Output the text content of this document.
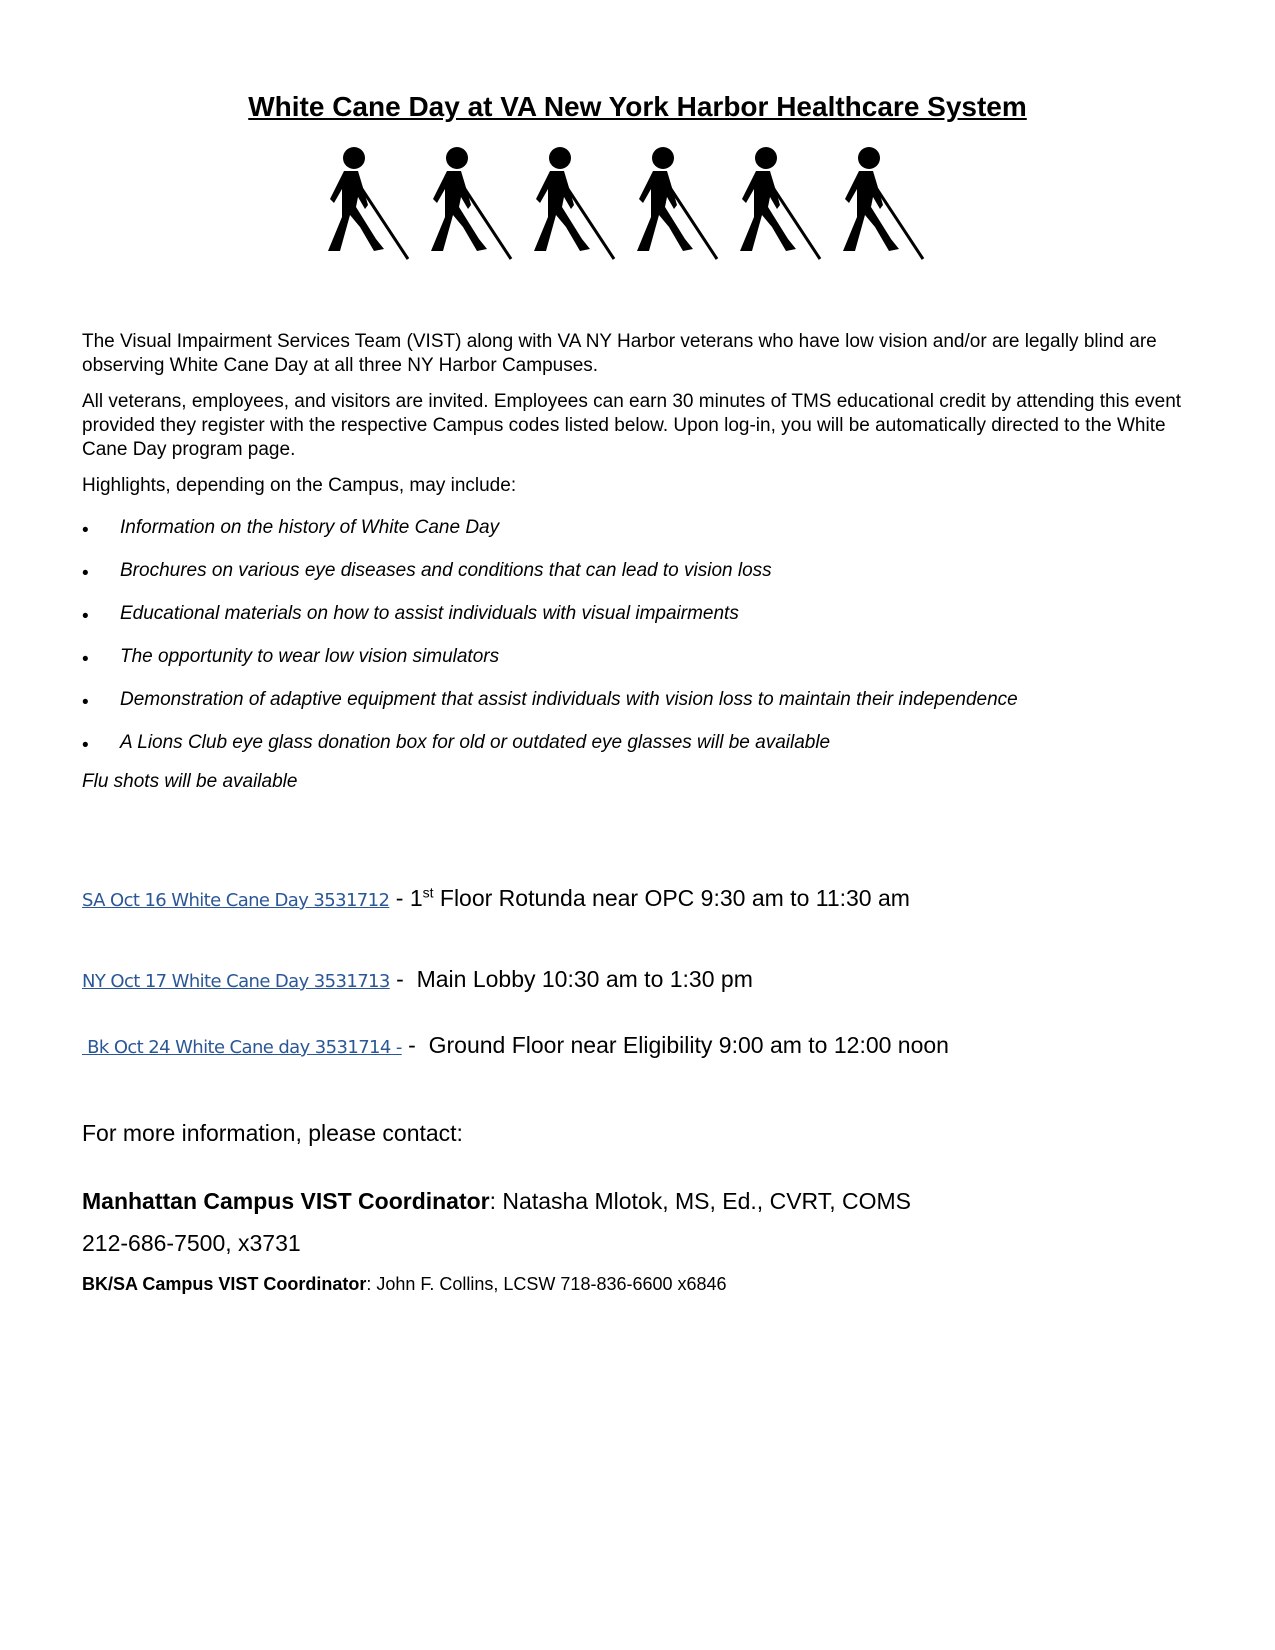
White Cane Day at VA New York Harbor Healthcare System

The Visual Impairment Services Team (VIST) along with VA NY Harbor veterans who have low vision and/or are legally blind are observing White Cane Day at all three NY Harbor Campuses.

All veterans, employees, and visitors are invited. Employees can earn 30 minutes of TMS educational credit by attending this event provided they register with the respective Campus codes listed below. Upon log-in, you will be automatically directed to the White Cane Day program page.

Highlights, depending on the Campus, may include:

• Information on the history of White Cane Day
• Brochures on various eye diseases and conditions that can lead to vision loss
• Educational materials on how to assist individuals with visual impairments
• The opportunity to wear low vision simulators
• Demonstration of adaptive equipment that assist individuals with vision loss to maintain their independence
• A Lions Club eye glass donation box for old or outdated eye glasses will be available
Flu shots will be available
SA Oct 16 White Cane Day 3531712 - 1st Floor Rotunda near OPC 9:30 am to 11:30 am
NY Oct 17 White Cane Day 3531713 -  Main Lobby 10:30 am to 1:30 pm
Bk Oct 24 White Cane day 3531714 - -  Ground Floor near Eligibility 9:00 am to 12:00 noon
For more information, please contact:
Manhattan Campus VIST Coordinator: Natasha Mlotok, MS, Ed., CVRT, COMS
212-686-7500, x3731
BK/SA Campus VIST Coordinator: John F. Collins, LCSW 718-836-6600 x6846
